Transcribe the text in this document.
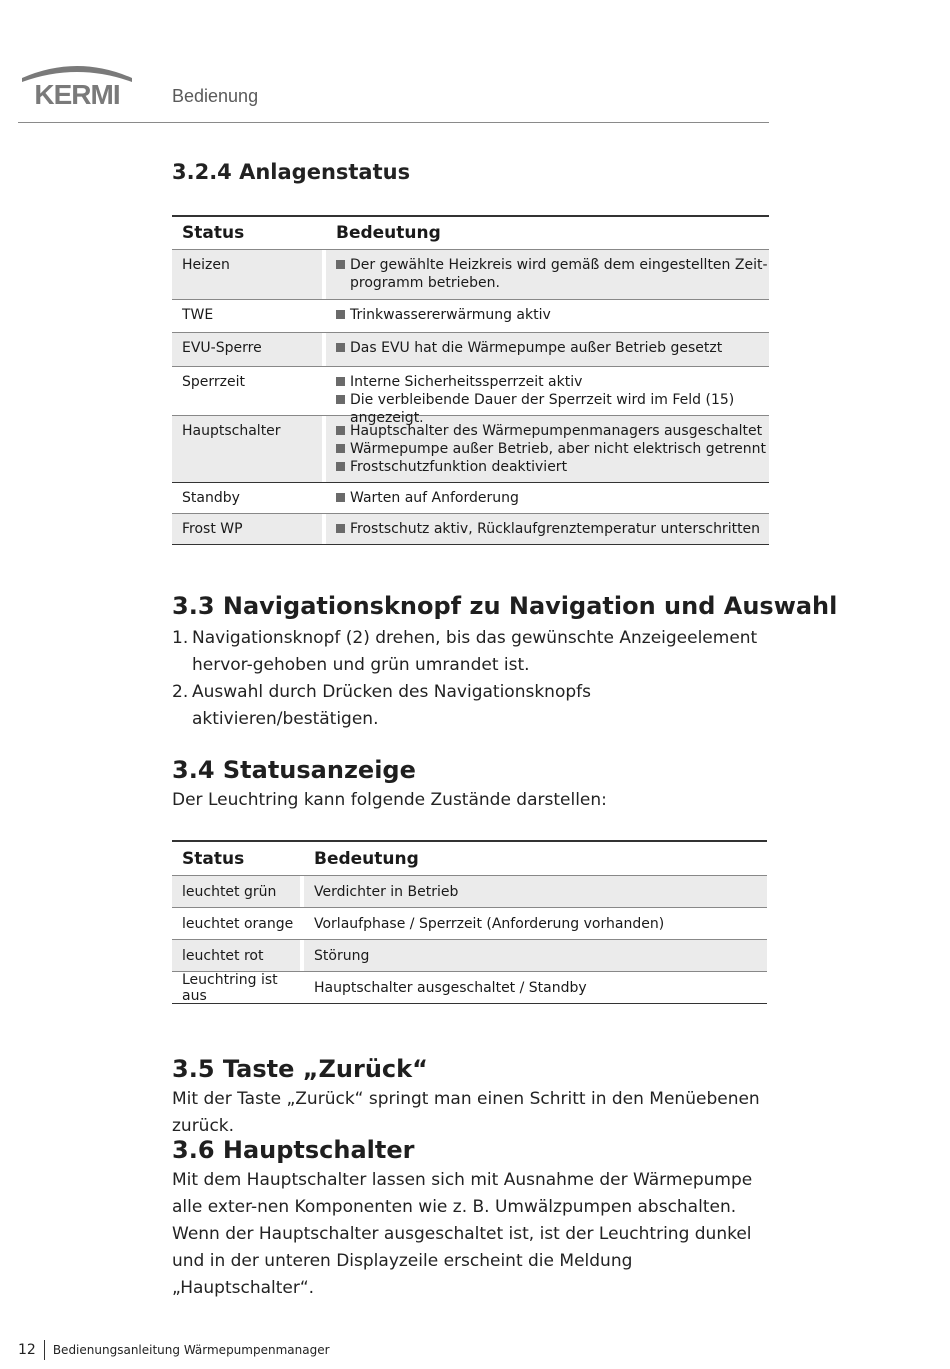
KERMI	Bedienung
3.2.4 Anlagenstatus
Status	Bedeutung
Heizen	Der gewählte Heizkreis wird gemäß dem eingestellten Zeit-
programm betrieben.
TWE	Trinkwassererwärmung aktiv
EVU-Sperre	Das EVU hat die Wärmepumpe außer Betrieb gesetzt
Sperrzeit	Interne Sicherheitssperrzeit aktiv
Die verbleibende Dauer der Sperrzeit wird im Feld (15) angezeigt.
Hauptschalter	Hauptschalter des Wärmepumpenmanagers ausgeschaltet
Wärmepumpe außer Betrieb, aber nicht elektrisch getrennt
Frostschutzfunktion deaktiviert
Standby	Warten auf Anforderung
Frost WP	Frostschutz aktiv, Rücklaufgrenztemperatur unterschritten
3.3 Navigationsknopf zu Navigation und Auswahl
1. Navigationsknopf (2) drehen, bis das gewünschte Anzeigeelement hervor-gehoben und grün umrandet ist.
2. Auswahl durch Drücken des Navigationsknopfs aktivieren/bestätigen.
3.4 Statusanzeige
Der Leuchtring kann folgende Zustände darstellen:
Status	Bedeutung
leuchtet grün	Verdichter in Betrieb
leuchtet orange	Vorlaufphase / Sperrzeit (Anforderung vorhanden)
leuchtet rot	Störung
Leuchtring ist aus	Hauptschalter ausgeschaltet / Standby
3.5 Taste „Zurück“
Mit der Taste „Zurück“ springt man einen Schritt in den Menüebenen zurück.
3.6 Hauptschalter

Mit dem Hauptschalter lassen sich mit Ausnahme der Wärmepumpe alle exter-nen Komponenten wie z. B. Umwälzpumpen abschalten.

Wenn der Hauptschalter ausgeschaltet ist, ist der Leuchtring dunkel und in der unteren Displayzeile erscheint die Meldung „Hauptschalter“.

12 Bedienungsanleitung Wärmepumpenmanager
